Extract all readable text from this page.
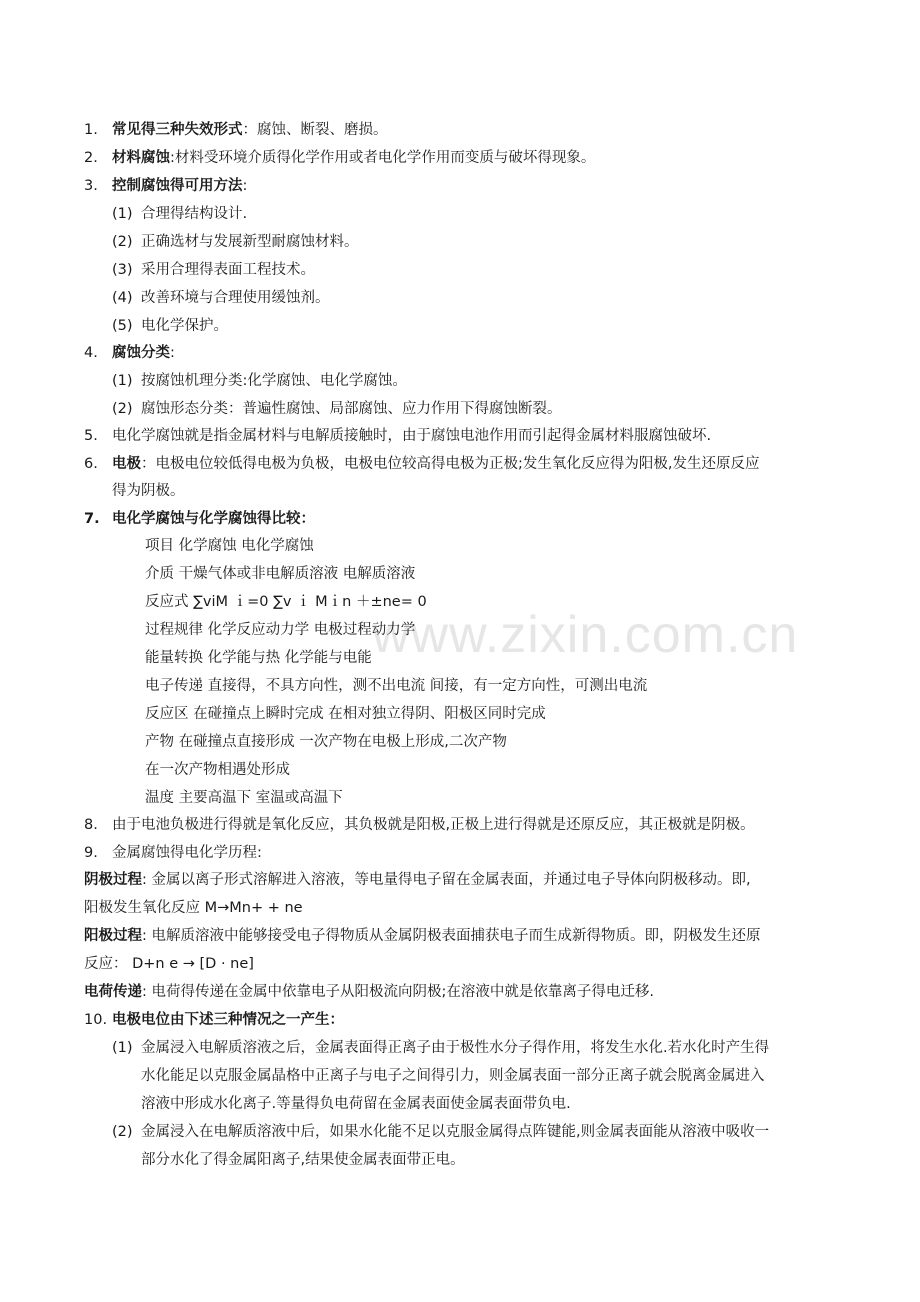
www.zixin.com.cn
1. 常见得三种失效形式：腐蚀、断裂、磨损。
2. 材料腐蚀:材料受环境介质得化学作用或者电化学作用而变质与破坏得现象。
3. 控制腐蚀得可用方法:
(1) 合理得结构设计.
(2) 正确选材与发展新型耐腐蚀材料。
(3) 采用合理得表面工程技术。
(4) 改善环境与合理使用缓蚀剂。
(5) 电化学保护。
4. 腐蚀分类:
(1) 按腐蚀机理分类:化学腐蚀、电化学腐蚀。
(2) 腐蚀形态分类：普遍性腐蚀、局部腐蚀、应力作用下得腐蚀断裂。
5. 电化学腐蚀就是指金属材料与电解质接触时，由于腐蚀电池作用而引起得金属材料服腐蚀破坏.
6. 电极：电极电位较低得电极为负极，电极电位较高得电极为正极;发生氧化反应得为阳极,发生还原反应
得为阴极。
7. 电化学腐蚀与化学腐蚀得比较：
项目 化学腐蚀 电化学腐蚀
介质 干燥气体或非电解质溶液 电解质溶液
反应式 ∑viM ｉ=0 ∑v ｉ Mｉn ＋±ne= 0
过程规律 化学反应动力学 电极过程动力学
能量转换 化学能与热 化学能与电能
电子传递 直接得，不具方向性，测不出电流 间接，有一定方向性，可测出电流
反应区 在碰撞点上瞬时完成 在相对独立得阴、阳极区同时完成
产物 在碰撞点直接形成 一次产物在电极上形成,二次产物
在一次产物相遇处形成
温度 主要高温下 室温或高温下
8. 由于电池负极进行得就是氧化反应，其负极就是阳极,正极上进行得就是还原反应，其正极就是阴极。
9. 金属腐蚀得电化学历程:
阴极过程: 金属以离子形式溶解进入溶液，等电量得电子留在金属表面，并通过电子导体向阴极移动。即,
阳极发生氧化反应 M→Mn+ + ne
阳极过程: 电解质溶液中能够接受电子得物质从金属阴极表面捕获电子而生成新得物质。即，阴极发生还原
反应： D+n e → [D · ne]
电荷传递: 电荷得传递在金属中依靠电子从阳极流向阴极;在溶液中就是依靠离子得电迁移.
10. 电极电位由下述三种情况之一产生：
(1) 金属浸入电解质溶液之后，金属表面得正离子由于极性水分子得作用，将发生水化.若水化时产生得
水化能足以克服金属晶格中正离子与电子之间得引力，则金属表面一部分正离子就会脱离金属进入
溶液中形成水化离子.等量得负电荷留在金属表面使金属表面带负电.
(2) 金属浸入在电解质溶液中后，如果水化能不足以克服金属得点阵键能,则金属表面能从溶液中吸收一
部分水化了得金属阳离子,结果使金属表面带正电。
